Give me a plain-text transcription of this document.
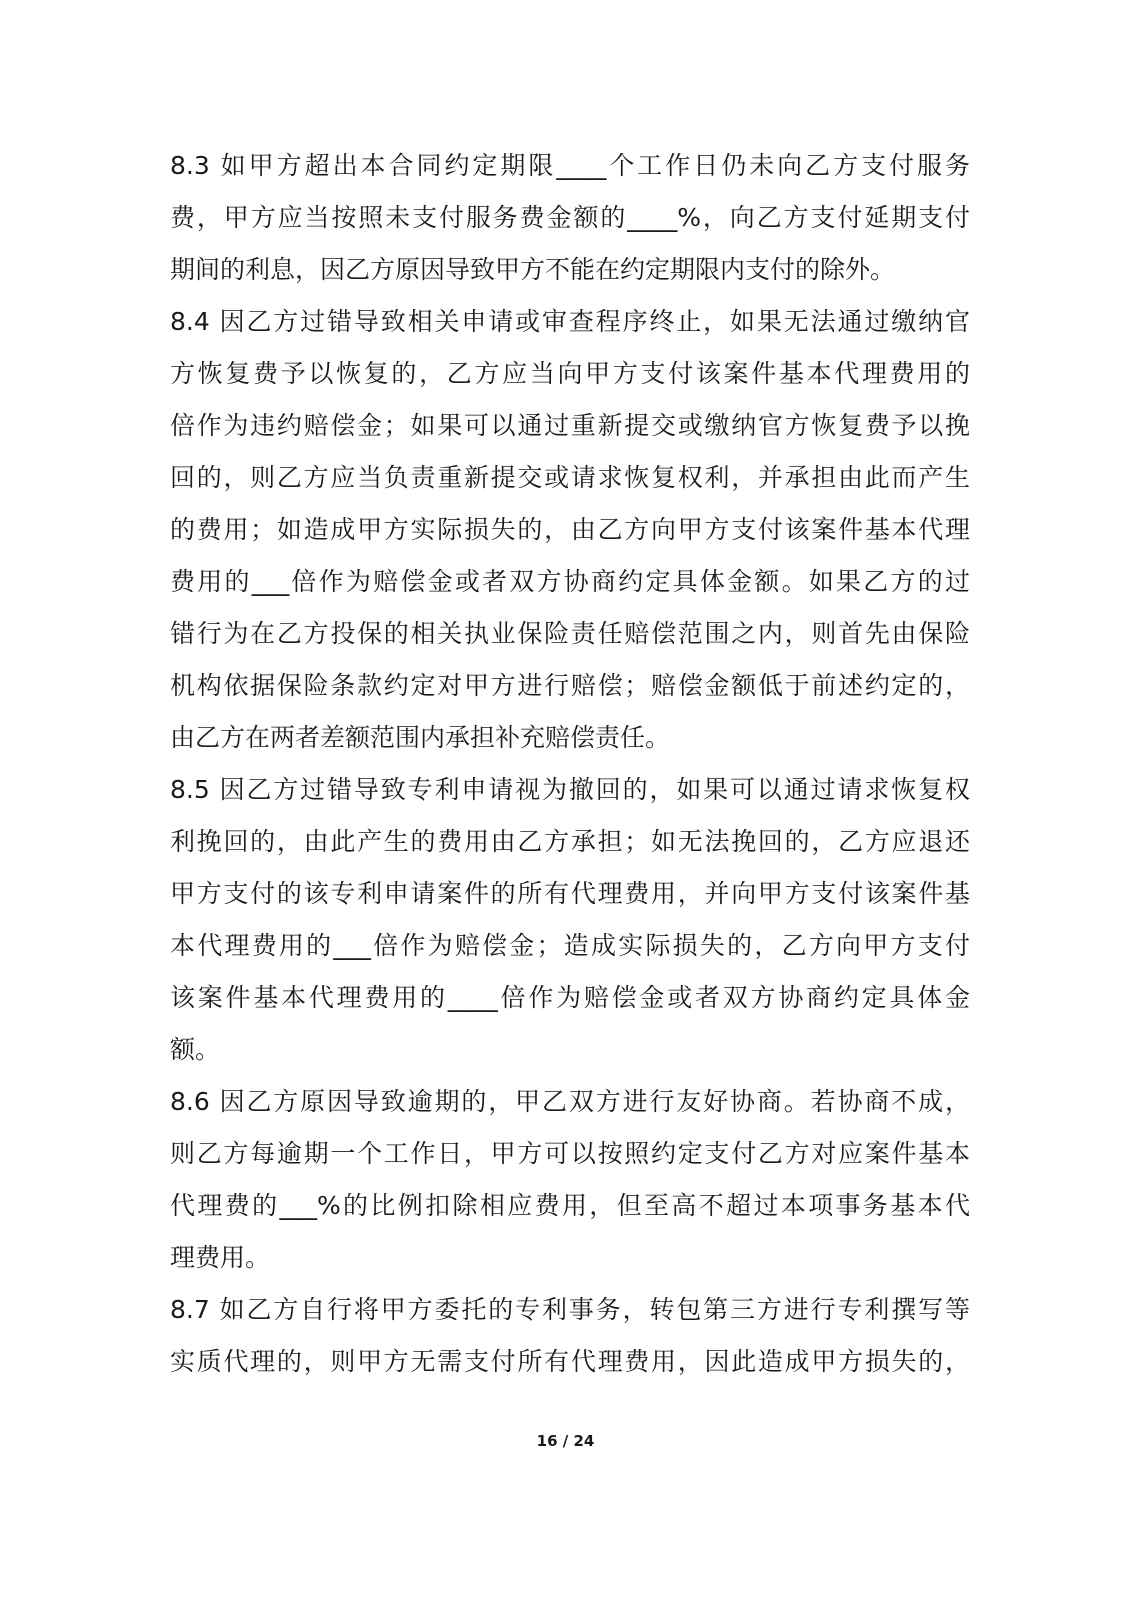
8.3 如甲方超出本合同约定期限____个工作日仍未向乙方支付服务
费，甲方应当按照未支付服务费金额的____%，向乙方支付延期支付
期间的利息，因乙方原因导致甲方不能在约定期限内支付的除外。
8.4 因乙方过错导致相关申请或审查程序终止，如果无法通过缴纳官
方恢复费予以恢复的，乙方应当向甲方支付该案件基本代理费用的
倍作为违约赔偿金；如果可以通过重新提交或缴纳官方恢复费予以挽
回的，则乙方应当负责重新提交或请求恢复权利，并承担由此而产生
的费用；如造成甲方实际损失的，由乙方向甲方支付该案件基本代理
费用的___倍作为赔偿金或者双方协商约定具体金额。如果乙方的过
错行为在乙方投保的相关执业保险责任赔偿范围之内，则首先由保险
机构依据保险条款约定对甲方进行赔偿；赔偿金额低于前述约定的，
由乙方在两者差额范围内承担补充赔偿责任。
8.5 因乙方过错导致专利申请视为撤回的，如果可以通过请求恢复权
利挽回的，由此产生的费用由乙方承担；如无法挽回的，乙方应退还
甲方支付的该专利申请案件的所有代理费用，并向甲方支付该案件基
本代理费用的___倍作为赔偿金；造成实际损失的，乙方向甲方支付
该案件基本代理费用的____倍作为赔偿金或者双方协商约定具体金
额。
8.6 因乙方原因导致逾期的，甲乙双方进行友好协商。若协商不成，
则乙方每逾期一个工作日，甲方可以按照约定支付乙方对应案件基本
代理费的___%的比例扣除相应费用，但至高不超过本项事务基本代
理费用。
8.7 如乙方自行将甲方委托的专利事务，转包第三方进行专利撰写等
实质代理的，则甲方无需支付所有代理费用，因此造成甲方损失的，
16 / 24
